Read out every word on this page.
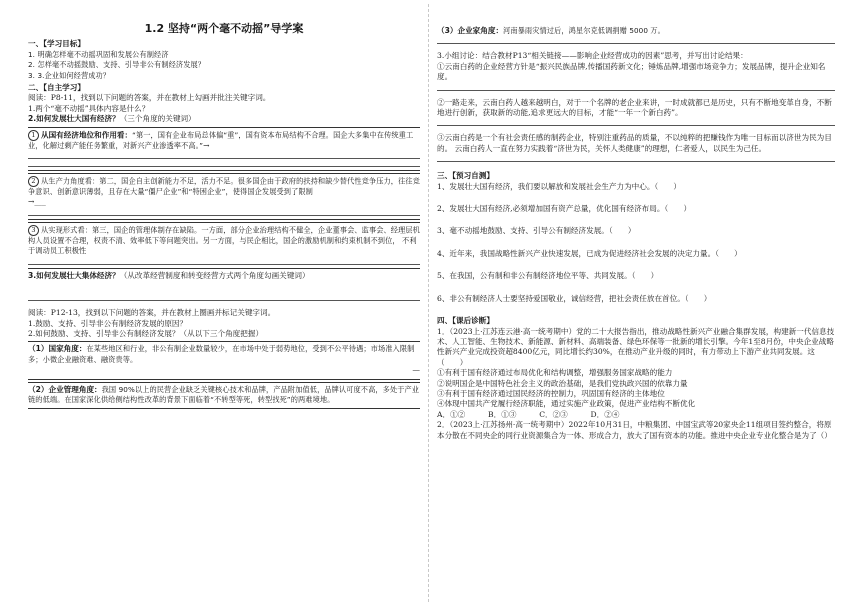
1.2 坚持“两个毫不动摇”导学案
一、【学习目标】
1. 明确怎样毫不动摇巩固和发展公有制经济
2. 怎样毫不动摇鼓励、支持、引导非公有制经济发展？
3. 3.企业如何经营成功？
二、【自主学习】
阅读：P8-11，找到以下问题的答案，并在教材上勾画并批注关键字词。
1.两个“毫不动摇”具体内容是什么？
2.如何发展壮大国有经济？（三个角度的关键词）
1 从国有经济地位和作用看：“第一，国有企业布局总体偏“重”，国有资本布局结构不合理。国企大多集中在传统重工业，化解过剩产能任务繁重，对新兴产业渗透率不高。”→
2 从生产力角度看：第二，国企自主创新能力不足，活力不足。很多国企由于政府的扶持和缺少替代性竞争压力，往往竞争意识、创新意识薄弱，且存在大量“僵尸企业”和“特困企业”，使得国企发展受到了限制
→___
3 从实现形式看：第三，国企的管理体制存在缺陷。一方面，部分企业治理结构不健全，企业董事会、监事会、经理层机构人员设置不合理，权责不清、效率低下等问题突出。另一方面，与民企相比，国企的激励机制和约束机制不到位， 不利于调动员工积极性
3.如何发展壮大集体经济？（从改革经营制度和转变经营方式两个角度勾画关键词）
阅读：P12-13，找到以下问题的答案，并在教材上圈画并标记关键字词。
1.鼓励、支持、引导非公有制经济发展的原因？
2.如何鼓励、支持、引导非公有制经济发展？（从以下三个角度把握）
（1）国家角度：在某些地区和行业，非公有制企业数量较少，在市场中处于弱势地位，受到不公平待遇；市场准入限制多；小微企业融资难、融资贵等。
—
（2）企业管理角度：我国 90%以上的民营企业缺乏关键核心技术和品牌，产品附加值低，品牌认可度不高，多处于产业链的低端。在国家深化供给侧结构性改革的背景下面临着“不转型等死，转型找死”的两难境地。
（3）企业家角度：河南暴雨灾情过后，鸿星尔克低调捐赠 5000 万。
3.小组讨论：结合教材P13“相关链接——影响企业经营成功的因素”思考，并写出讨论结果：
①云南白药的企业经营方针是“振兴民族品牌,传播国药新文化；锤炼品牌,增强市场竞争力；发展品牌，提升企业知名度。
②一路走来，云南白药人越来越明白，对于一个名牌的老企业来讲，一时成就都已是历史，只有不断地变革自身，不断地进行创新，获取新的动能,追求更远大的目标，才能“一年一个新白药”。
③云南白药是一个有社会责任感的制药企业，特别注重药品的质量，不以纯粹的把赚钱作为唯一目标而以济世为民为目的。 云南白药人一直在努力实践着“济世为民，关怀人类健康”的理想，仁者爱人，以民生为己任。
三、【预习自测】
1、发展壮大国有经济，我们要以解放和发展社会生产力为中心。（　　）
2、发展壮大国有经济,必须增加国有资产总量，优化国有经济布局。（　　）
3、毫不动摇地鼓励、支持、引导公有制经济发展。（　　）
4、近年来，我国战略性新兴产业快速发展，已成为促进经济社会发展的决定力量。（　　）
5、在我国，公有制和非公有制经济地位平等、共同发展。（　　）
6、非公有制经济人士要坚持爱国敬业，诚信经营，把社会责任放在首位。（　　）
四、【课后诊断】
1．（2023上·江苏连云港·高一统考期中）党的二十大报告指出，推动战略性新兴产业融合集群发展，构建新一代信息技术、人工智能、生物技术、新能源、新材料、高端装备、绿色环保等一批新的增长引擎。今年1至8月份，中央企业战略性新兴产业完成投资超8400亿元，同比增长约30%，在推动产业升级的同时，有力带动上下游产业共同发展。这（　　）
①有利于国有经济通过布局优化和结构调整，增强服务国家战略的能力
②说明国企是中国特色社会主义的政治基础，是我们党执政兴国的依靠力量
③有利于国有经济通过国民经济的控制力，巩固国有经济的主体地位
④体现中国共产党履行经济职能，通过实施产业政策，促进产业结构不断优化
A．①②　　　B．①③　　　C．②③　　　D．②④
2．（2023上·江苏扬州·高一统考期中）2022年10月31日，中粮集团、中国宝武等20家央企11组项目签约整合，将原本分散在不同央企的同行业资源集合为一体、形成合力，放大了国有资本的功能。推进中央企业专业化整合是为了（）
